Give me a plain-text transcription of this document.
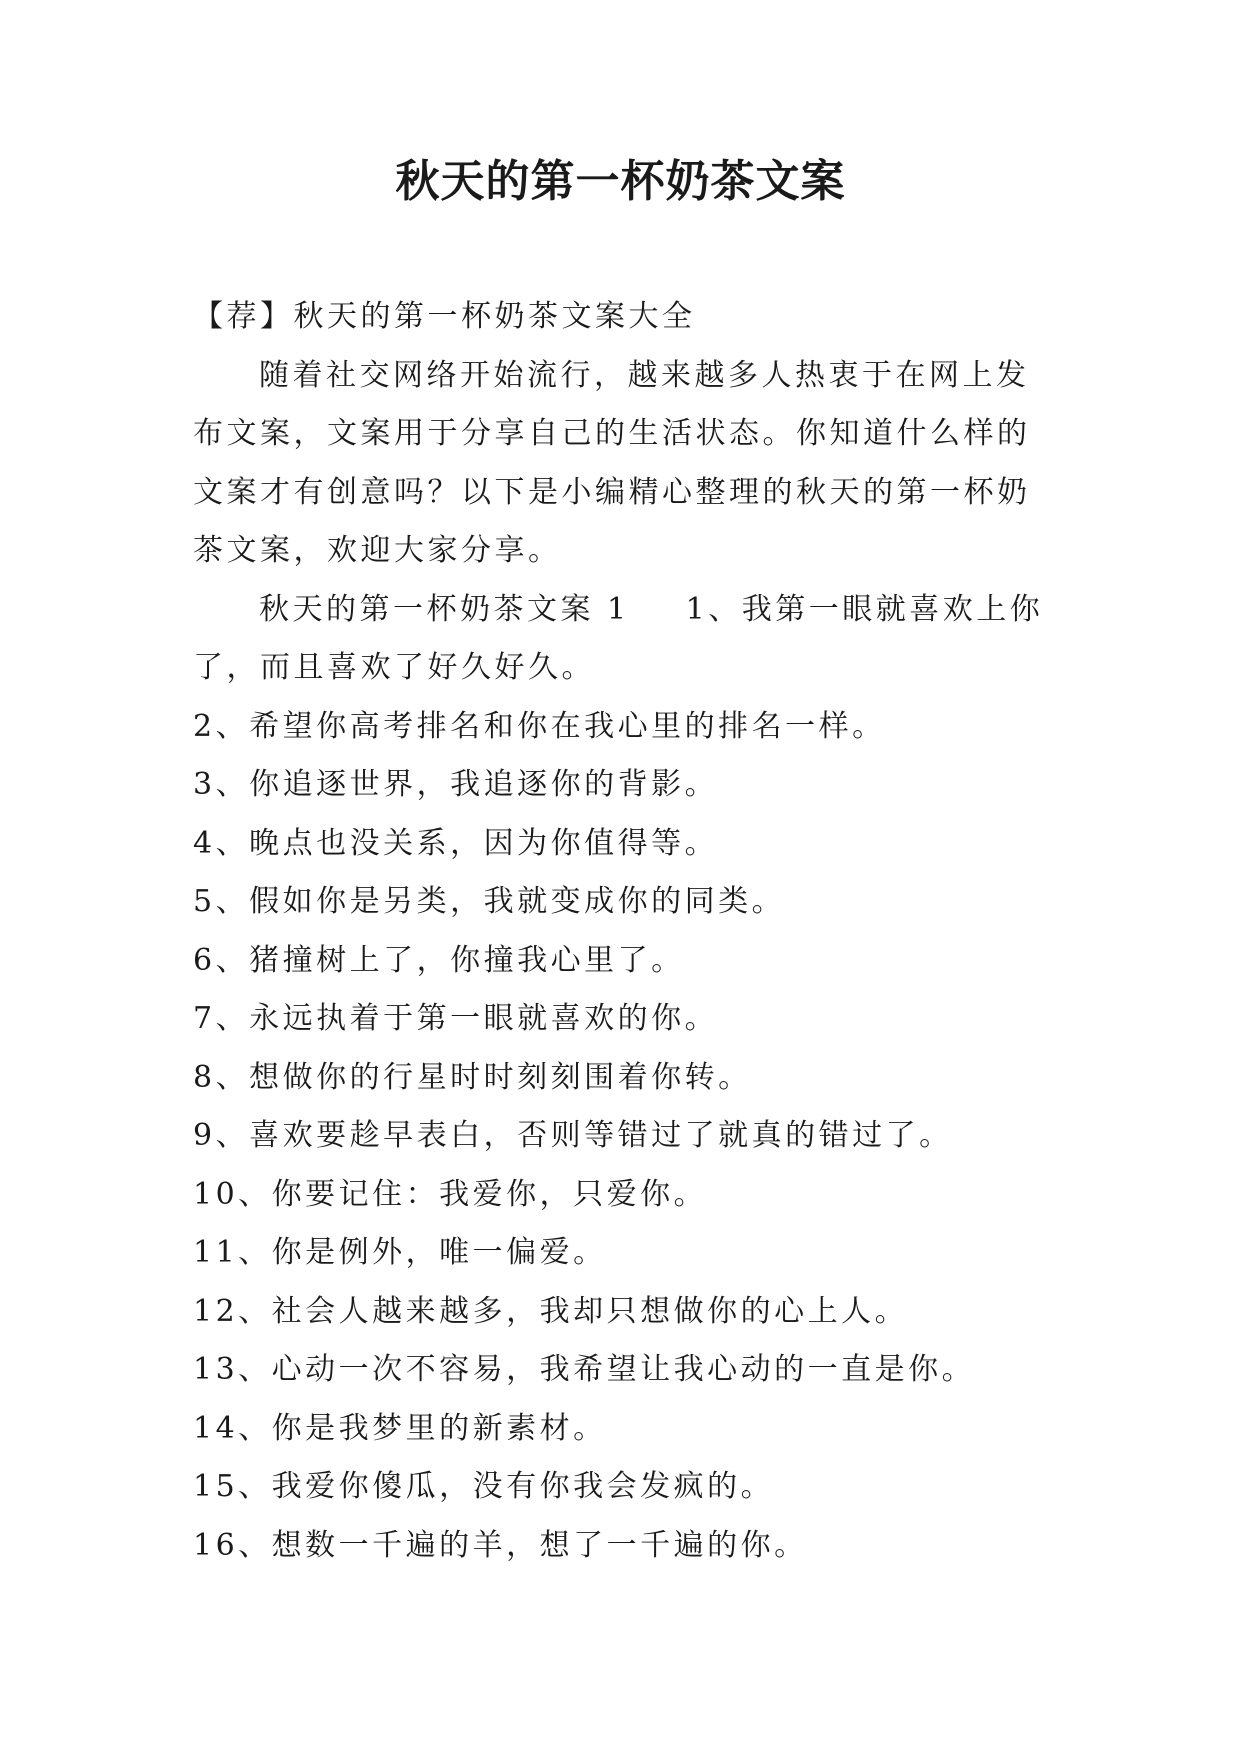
秋天的第一杯奶茶文案

【荐】秋天的第一杯奶茶文案大全

随着社交网络开始流行，越来越多人热衷于在网上发布文案，文案用于分享自己的生活状态。你知道什么样的文案才有创意吗？以下是小编精心整理的秋天的第一杯奶茶文案，欢迎大家分享。

秋天的第一杯奶茶文案 1 1、我第一眼就喜欢上你了，而且喜欢了好久好久。

2、希望你高考排名和你在我心里的排名一样。

3、你追逐世界，我追逐你的背影。

4、晚点也没关系，因为你值得等。

5、假如你是另类，我就变成你的同类。

6、猪撞树上了，你撞我心里了。

7、永远执着于第一眼就喜欢的你。

8、想做你的行星时时刻刻围着你转。

9、喜欢要趁早表白，否则等错过了就真的错过了。

10、你要记住：我爱你，只爱你。

11、你是例外，唯一偏爱。

12、社会人越来越多，我却只想做你的心上人。

13、心动一次不容易，我希望让我心动的一直是你。

14、你是我梦里的新素材。

15、我爱你傻瓜，没有你我会发疯的。

16、想数一千遍的羊，想了一千遍的你。
